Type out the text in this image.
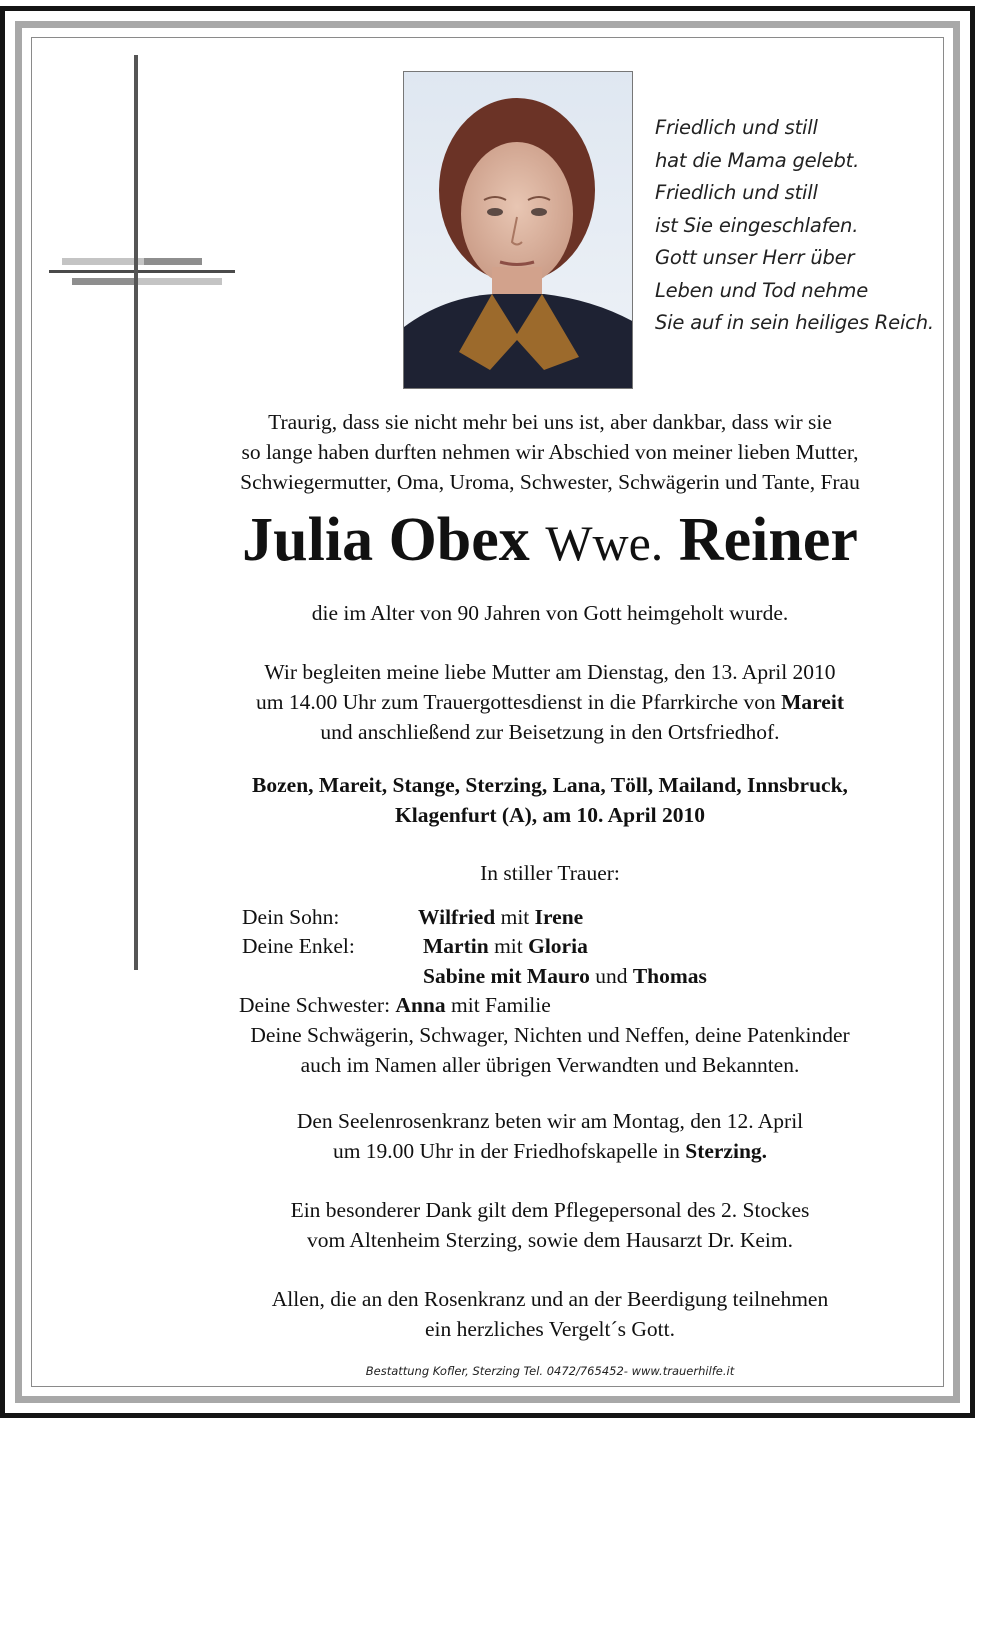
Friedlich und still
hat die Mama gelebt.
Friedlich und still
ist Sie eingeschlafen.
Gott unser Herr über
Leben und Tod nehme
Sie auf in sein heiliges Reich.
Traurig, dass sie nicht mehr bei uns ist, aber dankbar, dass wir sie
so lange haben durften nehmen wir Abschied von meiner lieben Mutter,
Schwiegermutter, Oma, Uroma, Schwester, Schwägerin und Tante, Frau
Julia Obex Wwe. Reiner
die im Alter von 90 Jahren von Gott heimgeholt wurde.
Wir begleiten meine liebe Mutter am Dienstag, den 13. April 2010
um 14.00 Uhr zum Trauergottesdienst in die Pfarrkirche von Mareit
und anschließend zur Beisetzung in den Ortsfriedhof.
Bozen, Mareit, Stange, Sterzing, Lana, Töll, Mailand, Innsbruck,
Klagenfurt (A), am 10. April 2010
In stiller Trauer:
Dein Sohn:	Wilfried mit Irene
Deine Enkel:	Martin mit Gloria
Sabine mit Mauro und Thomas
Deine Schwester: Anna mit Familie
Deine Schwägerin, Schwager, Nichten und Neffen, deine Patenkinder
auch im Namen aller übrigen Verwandten und Bekannten.
Den Seelenrosenkranz beten wir am Montag, den 12. April
um 19.00 Uhr in der Friedhofskapelle in Sterzing.
Ein besonderer Dank gilt dem Pflegepersonal des 2. Stockes
vom Altenheim Sterzing, sowie dem Hausarzt Dr. Keim.
Allen, die an den Rosenkranz und an der Beerdigung teilnehmen
ein herzliches Vergelt´s Gott.
Bestattung Kofler, Sterzing Tel. 0472/765452- www.trauerhilfe.it
